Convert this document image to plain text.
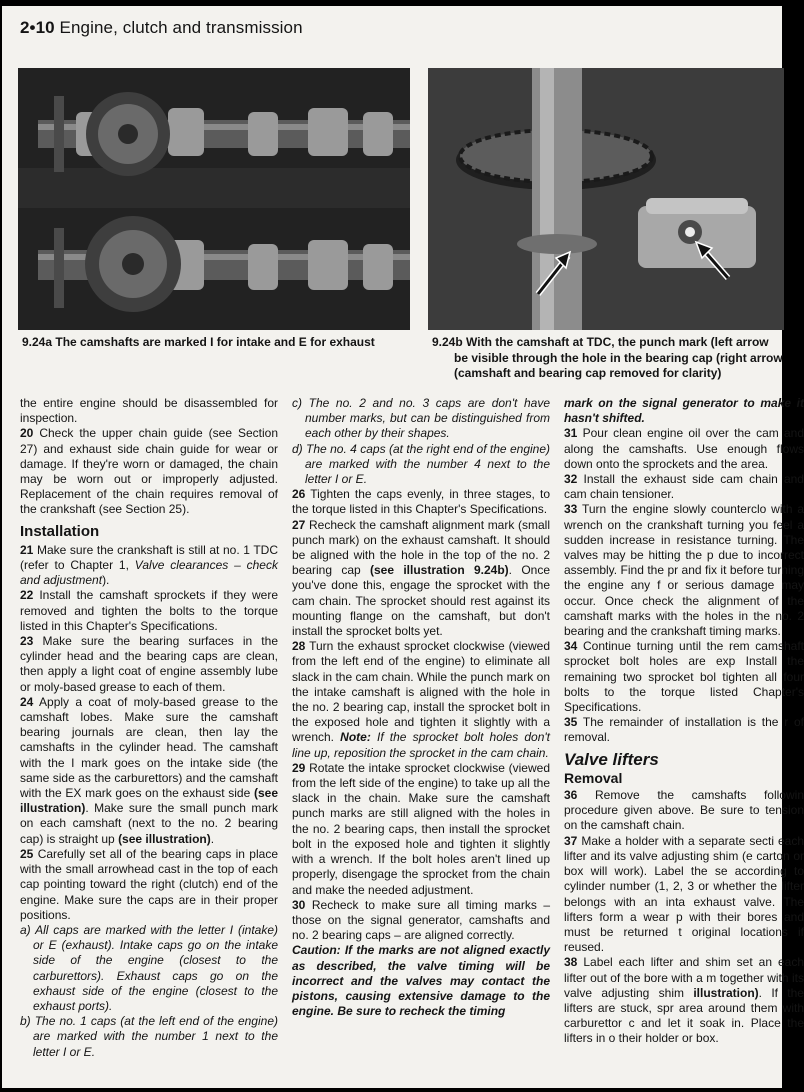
2•10 Engine, clutch and transmission
9.24a The camshafts are marked I for intake and E for exhaust	9.24b With the camshaft at TDC, the punch mark (left arrow
be visible through the hole in the bearing cap (right arrow
(camshaft and bearing cap removed for clarity)

the entire engine should be disassembled for inspection.

20 Check the upper chain guide (see Section 27) and exhaust side chain guide for wear or damage. If they're worn or damaged, the chain may be worn out or improperly adjusted. Replacement of the chain requires removal of the crankshaft (see Section 25).

Installation

21 Make sure the crankshaft is still at no. 1 TDC (refer to Chapter 1, Valve clearances – check and adjustment).

22 Install the camshaft sprockets if they were removed and tighten the bolts to the torque listed in this Chapter's Specifications.

23 Make sure the bearing surfaces in the cylinder head and the bearing caps are clean, then apply a light coat of engine assembly lube or moly-based grease to each of them.

24 Apply a coat of moly-based grease to the camshaft lobes. Make sure the camshaft bearing journals are clean, then lay the camshafts in the cylinder head. The camshaft with the I mark goes on the intake side (the same side as the carburettors) and the camshaft with the EX mark goes on the exhaust side (see illustration). Make sure the small punch mark on each camshaft (next to the no. 2 bearing cap) is straight up (see illustration).

25 Carefully set all of the bearing caps in place with the small arrowhead cast in the top of each cap pointing toward the right (clutch) end of the engine. Make sure the caps are in their proper positions.

a) All caps are marked with the letter I (intake) or E (exhaust). Intake caps go on the intake side of the engine (closest to the carburettors). Exhaust caps go on the exhaust side of the engine (closest to the exhaust ports).

b) The no. 1 caps (at the left end of the engine) are marked with the number 1 next to the letter I or E.

c) The no. 2 and no. 3 caps are don't have number marks, but can be distinguished from each other by their shapes.

d) The no. 4 caps (at the right end of the engine) are marked with the number 4 next to the letter I or E.

26 Tighten the caps evenly, in three stages, to the torque listed in this Chapter's Specifications.

27 Recheck the camshaft alignment mark (small punch mark) on the exhaust camshaft. It should be aligned with the hole in the top of the no. 2 bearing cap (see illustration 9.24b). Once you've done this, engage the sprocket with the cam chain. The sprocket should rest against its mounting flange on the camshaft, but don't install the sprocket bolts yet.

28 Turn the exhaust sprocket clockwise (viewed from the left end of the engine) to eliminate all slack in the cam chain. While the punch mark on the intake camshaft is aligned with the hole in the no. 2 bearing cap, install the sprocket bolt in the exposed hole and tighten it slightly with a wrench. Note: If the sprocket bolt holes don't line up, reposition the sprocket in the cam chain.

29 Rotate the intake sprocket clockwise (viewed from the left side of the engine) to take up all the slack in the chain. Make sure the camshaft punch marks are still aligned with the holes in the no. 2 bearing caps, then install the sprocket bolt in the exposed hole and tighten it slightly with a wrench. If the bolt holes aren't lined up properly, disengage the sprocket from the chain and make the needed adjustment.

30 Recheck to make sure all timing marks – those on the signal generator, camshafts and no. 2 bearing caps – are aligned correctly.

Caution: If the marks are not aligned exactly as described, the valve timing will be incorrect and the valves may contact the pistons, causing extensive damage to the engine. Be sure to recheck the timing

mark on the signal generator to make it hasn't shifted.

31 Pour clean engine oil over the cam and along the camshafts. Use enough flows down onto the sprockets and the area.

32 Install the exhaust side cam chain and cam chain tensioner.

33 Turn the engine slowly counterclo with a wrench on the crankshaft turning you feel a sudden increase in resistance turning. The valves may be hitting the p due to incorrect assembly. Find the pr and fix it before turning the engine any f or serious damage may occur. Once check the alignment of the camshaft marks with the holes in the no. 2 bearing and the crankshaft timing marks.

34 Continue turning until the rem camshaft sprocket bolt holes are exp Install the remaining two sprocket bol tighten all four bolts to the torque listed Chapter's Specifications.

35 The remainder of installation is the r of removal.

Valve lifters
Removal

36 Remove the camshafts followin procedure given above. Be sure to tension on the camshaft chain.

37 Make a holder with a separate secti each lifter and its valve adjusting shim (e carton or box will work). Label the se according to cylinder number (1, 2, 3 or whether the lifter belongs with an inta exhaust valve. The lifters form a wear p with their bores and must be returned t original locations if reused.

38 Label each lifter and shim set an each lifter out of the bore with a m together with its valve adjusting shim illustration). If the lifters are stuck, spr area around them with carburettor c and let it soak in. Place the lifters in o their holder or box.
